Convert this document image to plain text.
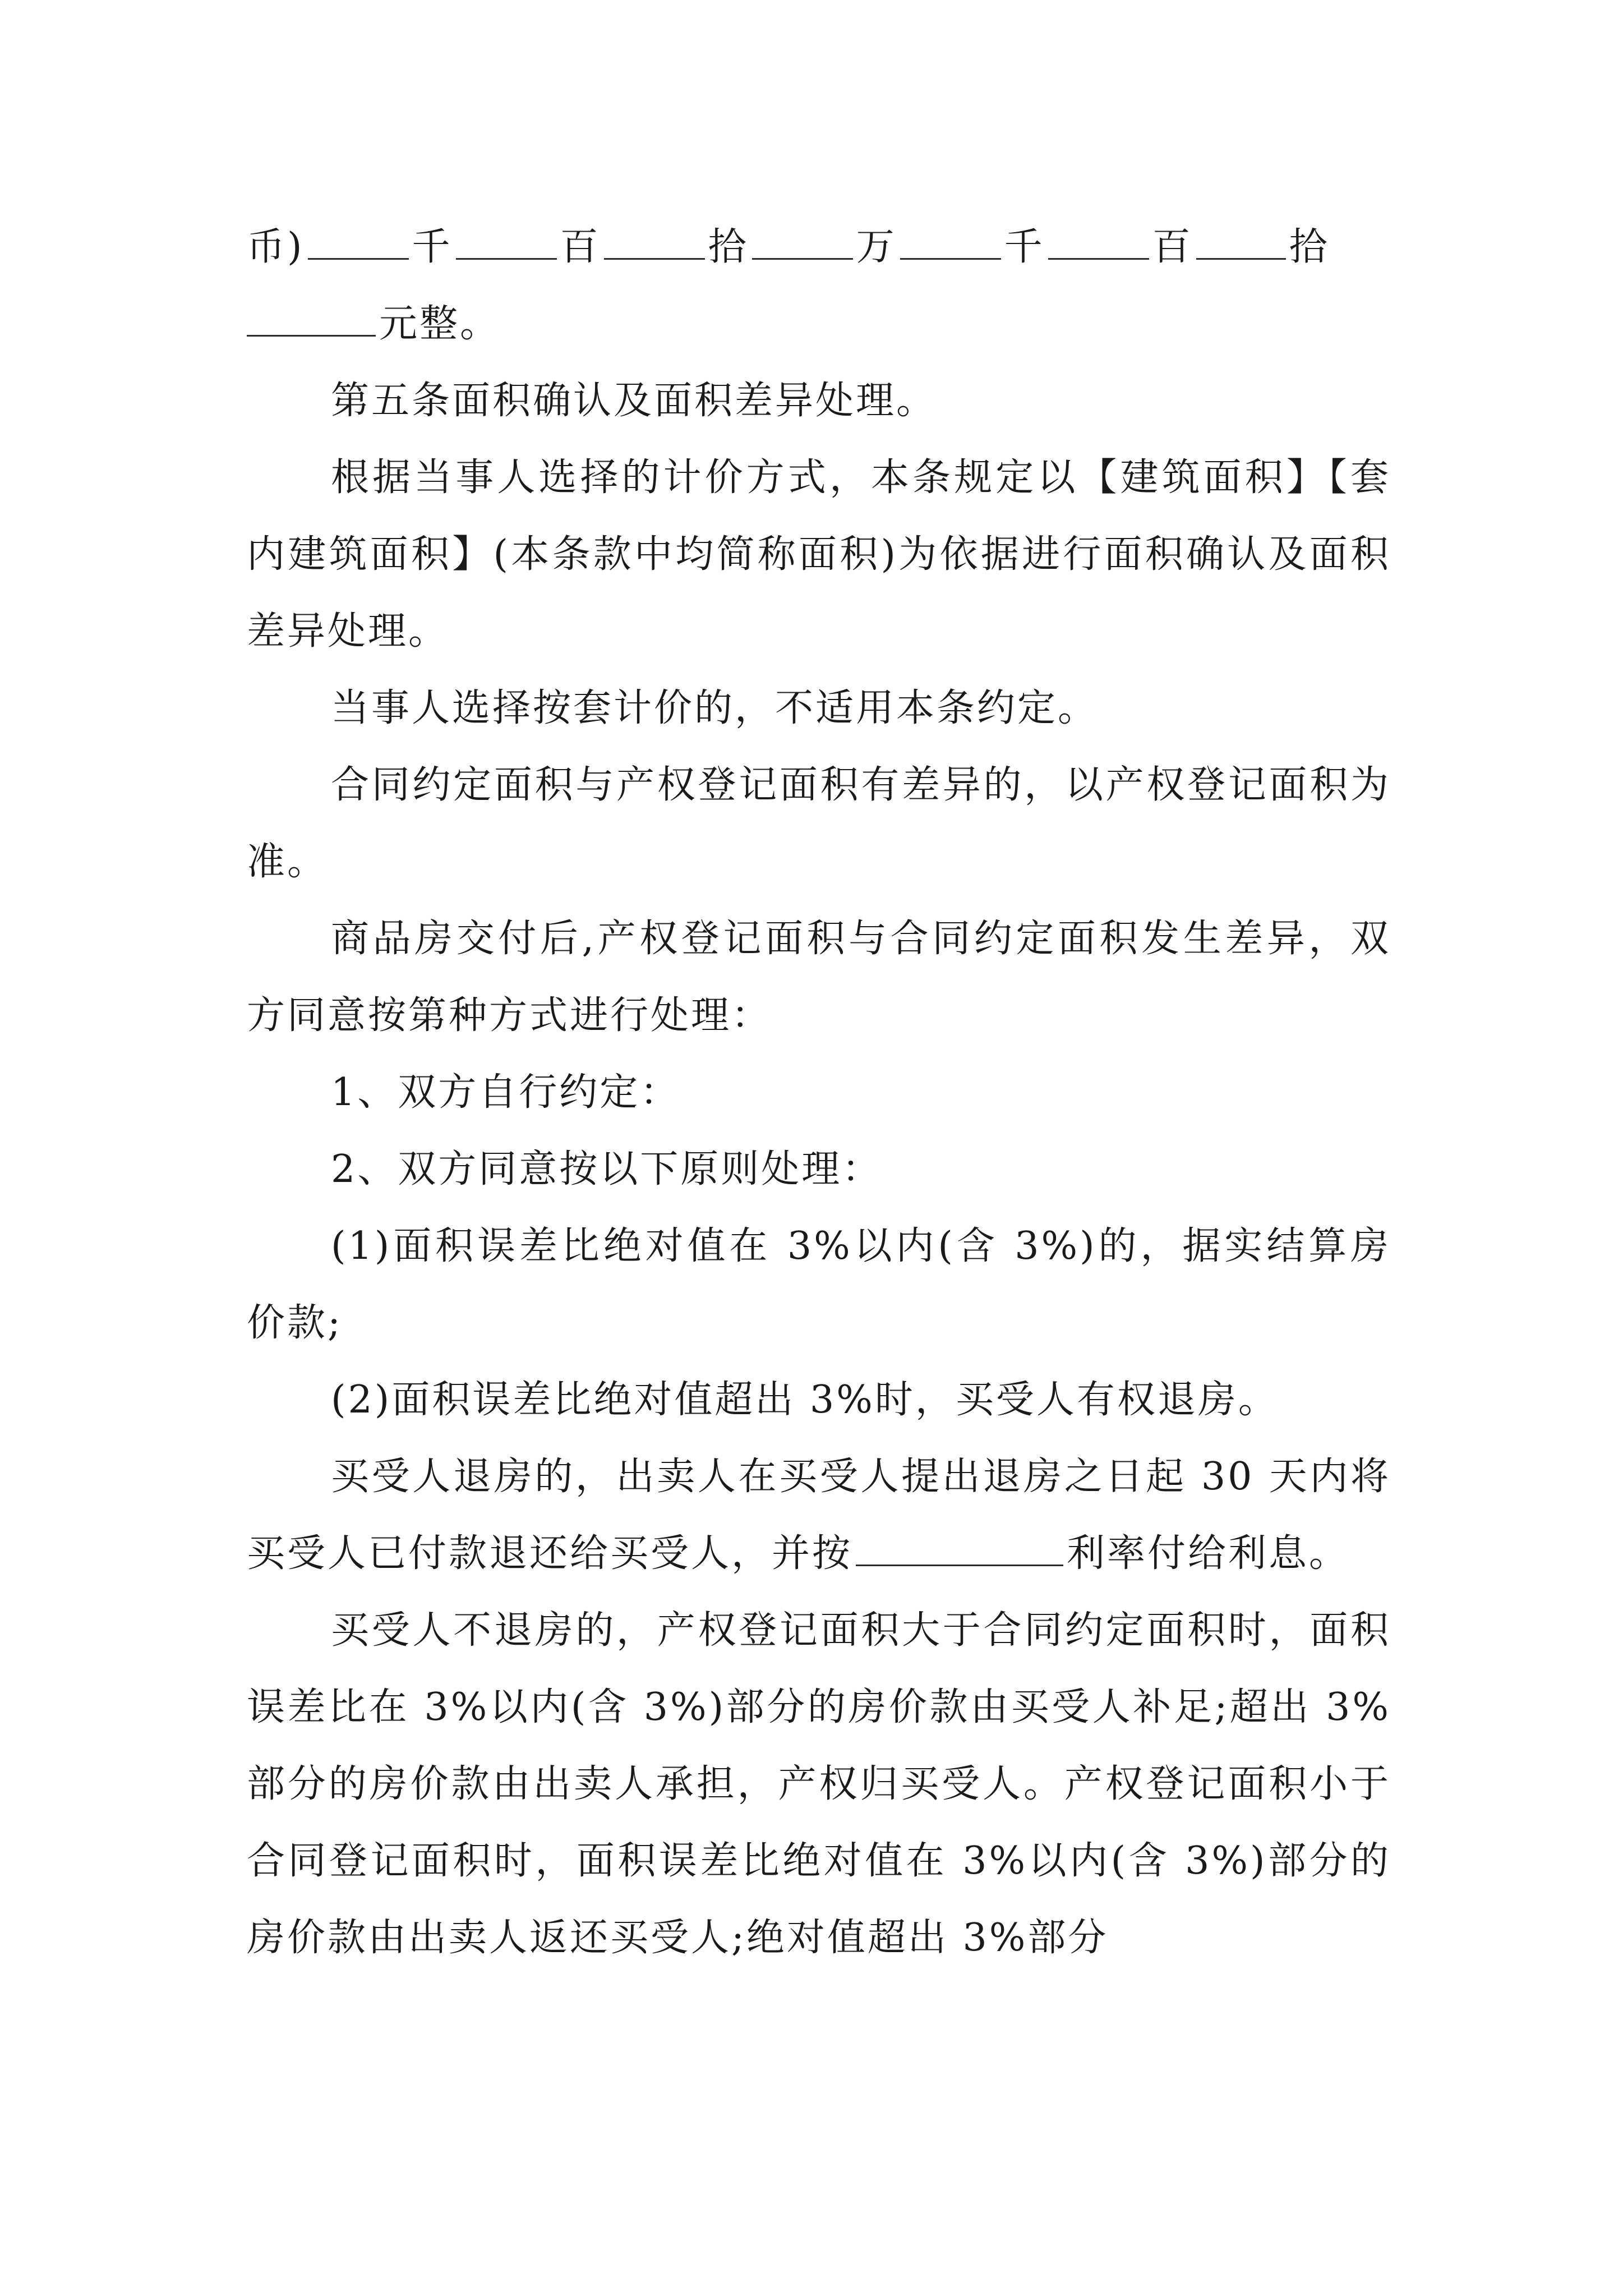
币)	千	百	拾	万	千	百	拾
元整。

第五条面积确认及面积差异处理。

根据当事人选择的计价方式，本条规定以【建筑面积】【套内建筑面积】(本条款中均简称面积)为依据进行面积确认及面积差异处理。

当事人选择按套计价的，不适用本条约定。

合同约定面积与产权登记面积有差异的，以产权登记面积为准。

商品房交付后,产权登记面积与合同约定面积发生差异，双方同意按第种方式进行处理：

1、双方自行约定：

2、双方同意按以下原则处理：

(1)面积误差比绝对值在 3%以内(含 3%)的，据实结算房价款;

(2)面积误差比绝对值超出 3%时，买受人有权退房。

买受人退房的，出卖人在买受人提出退房之日起 30 天内将买受人已付款退还给买受人，并按	利率付给利息。

买受人不退房的，产权登记面积大于合同约定面积时，面积误差比在 3%以内(含 3%)部分的房价款由买受人补足;超出 3%部分的房价款由出卖人承担，产权归买受人。产权登记面积小于合同登记面积时，面积误差比绝对值在 3%以内(含 3%)部分的房价款由出卖人返还买受人;绝对值超出 3%部分
